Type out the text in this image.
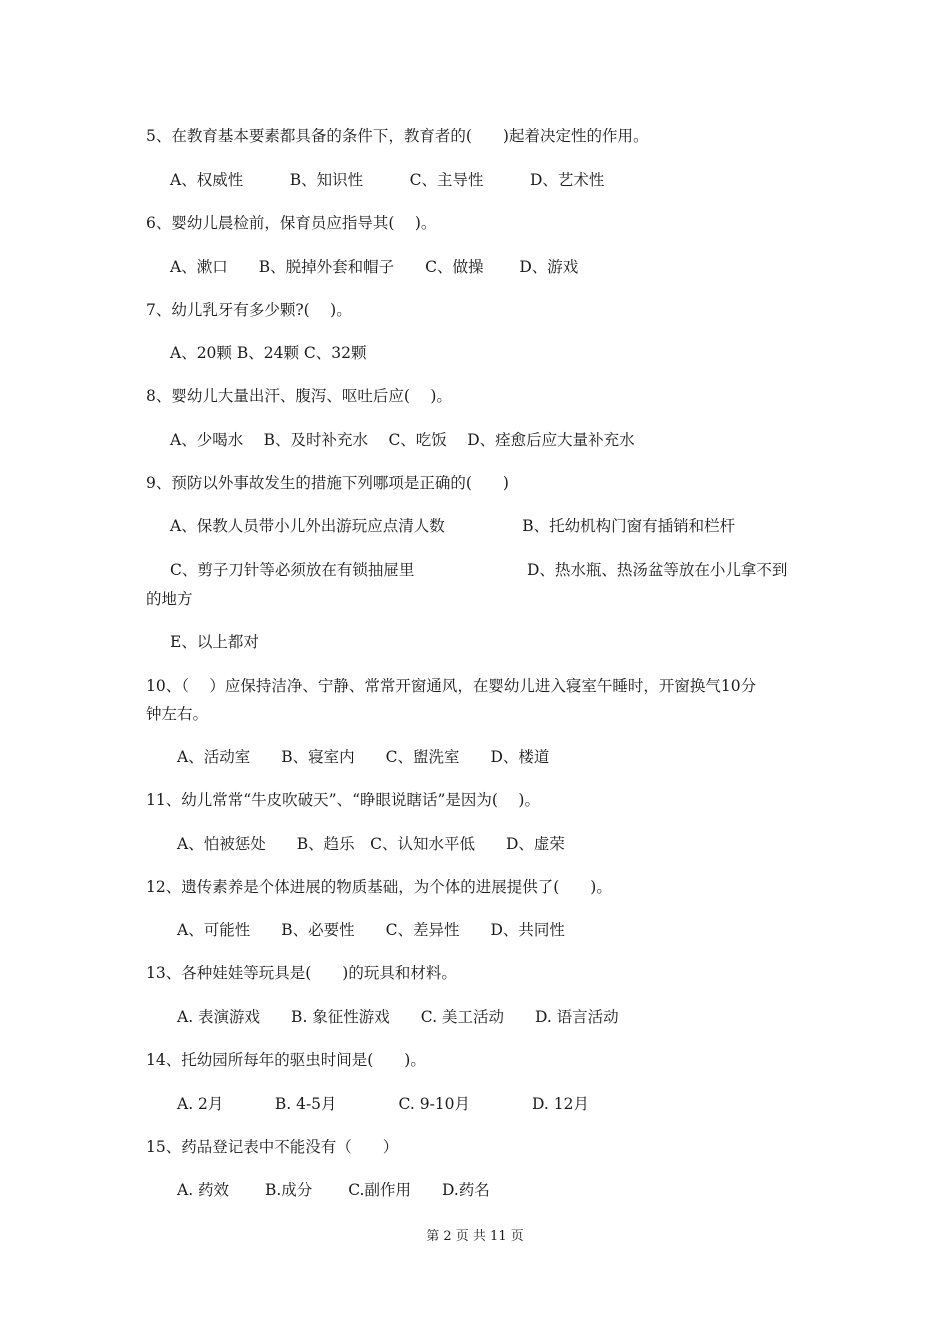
5、在教育基本要素都具备的条件下，教育者的(　　)起着决定性的作用。
A、权威性　　　B、知识性　　　C、主导性　　　D、艺术性
6、婴幼儿晨检前，保育员应指导其(　 )。
A、漱口　　B、脱掉外套和帽子　　C、做操　　 D、游戏
7、幼儿乳牙有多少颗?(　 )。
A、20颗 B、24颗 C、32颗
8、婴幼儿大量出汗、腹泻、呕吐后应(　 )。
A、少喝水　 B、及时补充水　 C、吃饭　 D、痊愈后应大量补充水
9、预防以外事故发生的措施下列哪项是正确的(　　)
A、保教人员带小儿外出游玩应点清人数　　　　　B、托幼机构门窗有插销和栏杆
C、剪子刀针等必须放在有锁抽屉里	D、热水瓶、热汤盆等放在小儿拿不到
的地方
E、以上都对
10、（　 ）应保持洁净、宁静、常常开窗通风，在婴幼儿进入寝室午睡时，开窗换气10分
钟左右。
A、活动室　　B、寝室内　　C、盥洗室　　D、楼道
11、幼儿常常“牛皮吹破天”、“睁眼说瞎话”是因为(　 )。
A、怕被惩处　　B、趋乐　C、认知水平低　　D、虚荣
12、遗传素养是个体进展的物质基础，为个体的进展提供了(　　)。
A、可能性　　B、必要性　　C、差异性　　D、共同性
13、各种娃娃等玩具是(　　)的玩具和材料。
A. 表演游戏　　B. 象征性游戏　　C. 美工活动　　D. 语言活动
14、托幼园所每年的驱虫时间是(　　)。
A. 2月　　　 B. 4-5月　　　　C. 9-10月　　　　D. 12月
15、药品登记表中不能没有（　　）
A. 药效　　 B.成分　　 C.副作用　　D.药名
第 2 页 共 11 页
